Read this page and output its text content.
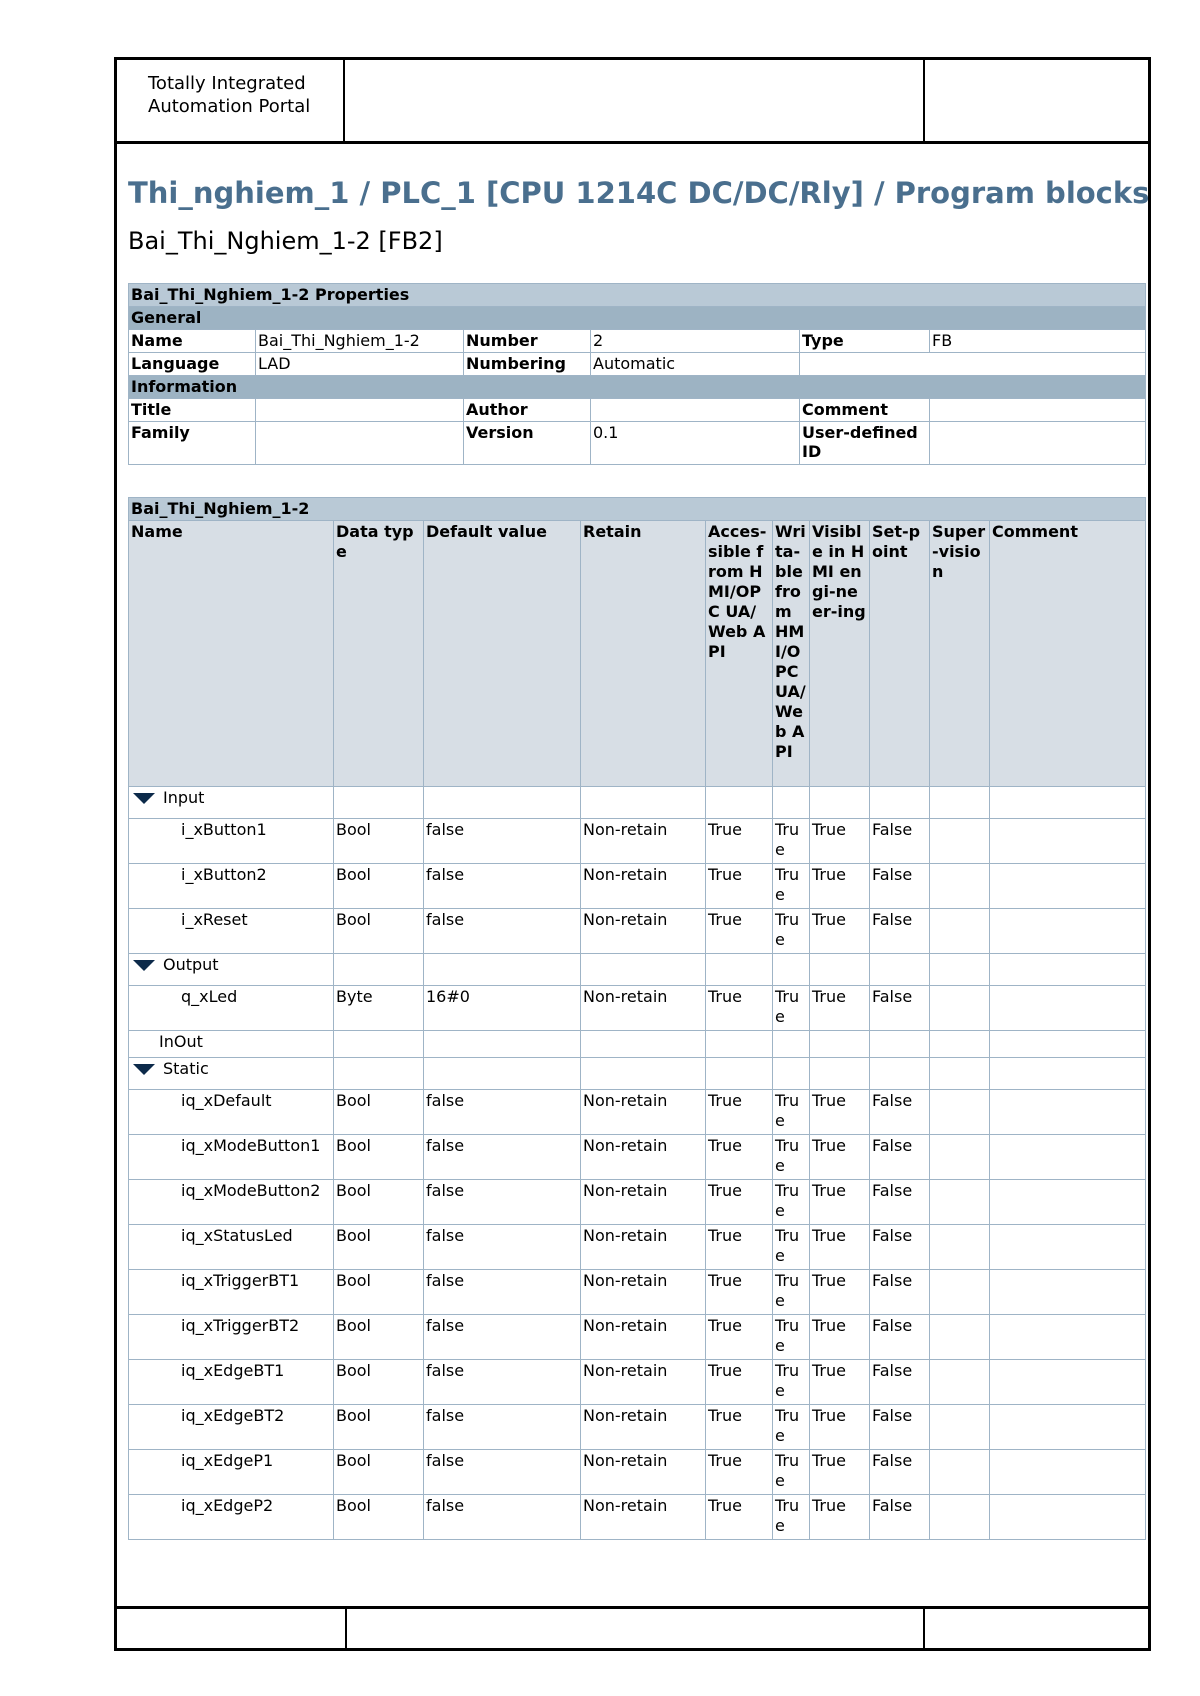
Totally Integrated
Automation Portal
Thi_nghiem_1 / PLC_1 [CPU 1214C DC/DC/Rly] / Program blocks
Bai_Thi_Nghiem_1-2 [FB2]
Bai_Thi_Nghiem_1-2 Properties					
General					
Name	Bai_Thi_Nghiem_1-2	Number	2	Type	FB
Language	LAD	Numbering	Automatic		
Information					
Title		Author		Comment	
Family		Version	0.1	User-defined ID	
Bai_Thi_Nghiem_1-2									
Name	Data type	Default value	Retain	Acces-sible from HMI/OPC UA/Web API	Writa-ble from HMI/OPC UA/Web API	Visible in HMI engi-neer-ing	Set-point	Super-vision	Comment
Input									
i_xButton1	Bool	false	Non-retain	True	True	True	False		
i_xButton2	Bool	false	Non-retain	True	True	True	False		
i_xReset	Bool	false	Non-retain	True	True	True	False		
Output									
q_xLed	Byte	16#0	Non-retain	True	True	True	False		
InOut									
Static									
iq_xDefault	Bool	false	Non-retain	True	True	True	False		
iq_xModeButton1	Bool	false	Non-retain	True	True	True	False		
iq_xModeButton2	Bool	false	Non-retain	True	True	True	False		
iq_xStatusLed	Bool	false	Non-retain	True	True	True	False		
iq_xTriggerBT1	Bool	false	Non-retain	True	True	True	False		
iq_xTriggerBT2	Bool	false	Non-retain	True	True	True	False		
iq_xEdgeBT1	Bool	false	Non-retain	True	True	True	False		
iq_xEdgeBT2	Bool	false	Non-retain	True	True	True	False		
iq_xEdgeP1	Bool	false	Non-retain	True	True	True	False		
iq_xEdgeP2	Bool	false	Non-retain	True	True	True	False		
